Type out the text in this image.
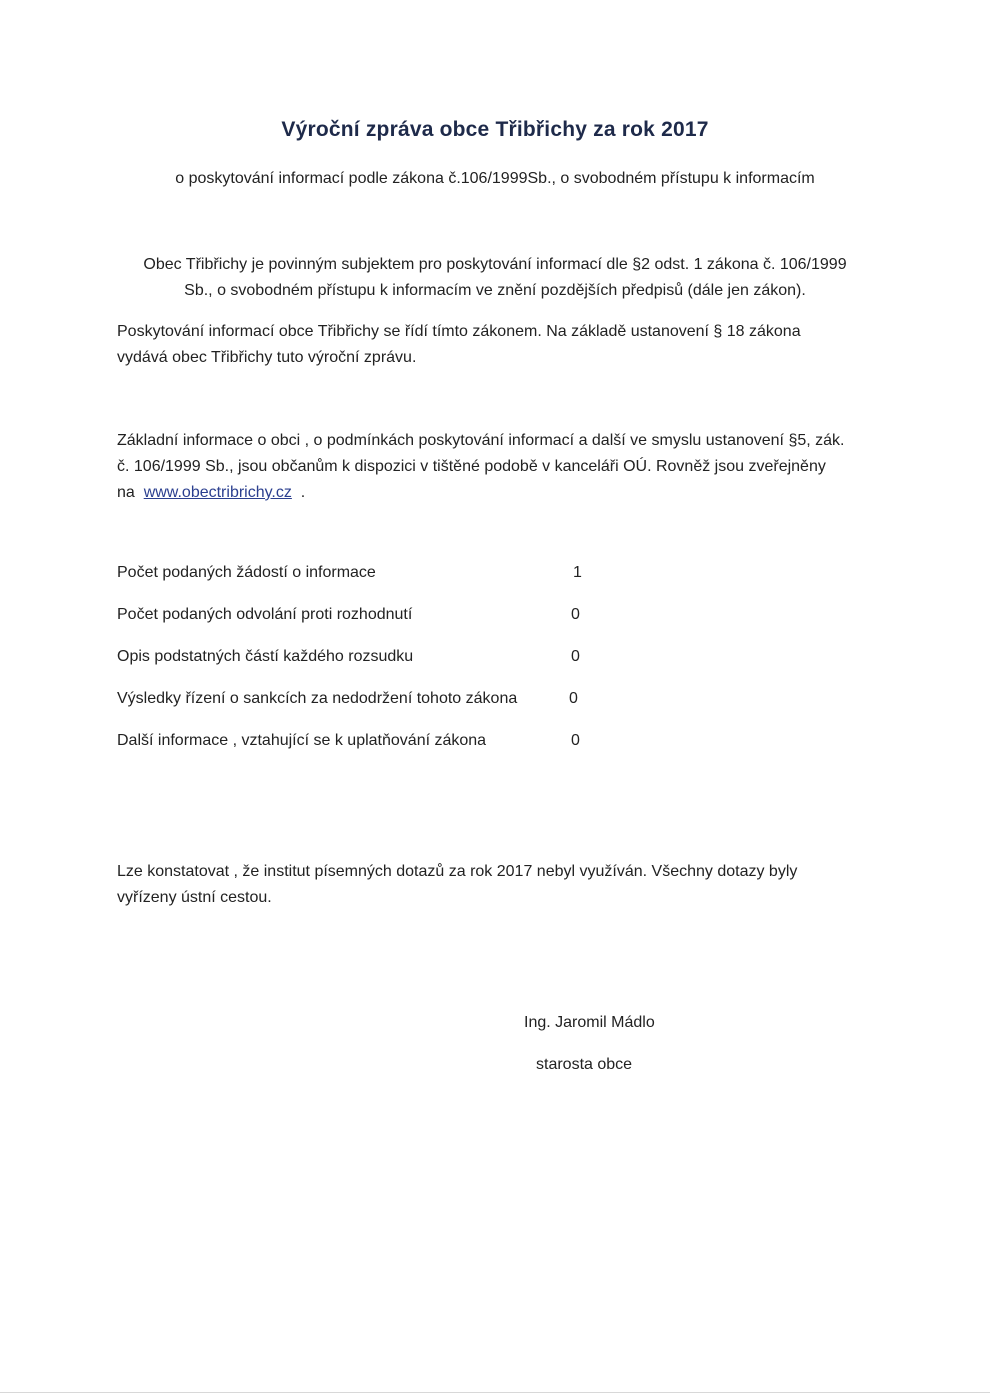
Výroční zpráva obce Třibřichy za rok 2017
o poskytování informací podle zákona č.106/1999Sb., o svobodném přístupu k informacím
Obec Třibřichy je povinným subjektem pro poskytování informací dle §2 odst. 1 zákona č. 106/1999
Sb., o svobodném přístupu k informacím ve znění pozdějších předpisů (dále jen zákon).
Poskytování informací obce Třibřichy se řídí tímto zákonem. Na základě ustanovení § 18 zákona
vydává obec Třibřichy tuto výroční zprávu.
Základní informace o obci , o podmínkách poskytování informací a další ve smyslu ustanovení §5, zák.
č. 106/1999 Sb., jsou občanům k dispozici v tištěné podobě v kanceláři OÚ. Rovněž jsou zveřejněny
na www.obectribrichy.cz .
Počet podaných žádostí o informace	1
Počet podaných odvolání proti rozhodnutí	0
Opis podstatných částí každého rozsudku	0
Výsledky řízení o sankcích za nedodržení tohoto zákona	0
Další informace , vztahující se k uplatňování zákona	0
Lze konstatovat , že institut písemných dotazů za rok 2017 nebyl využíván. Všechny dotazy byly
vyřízeny ústní cestou.
Ing. Jaromil Mádlo
starosta obce
